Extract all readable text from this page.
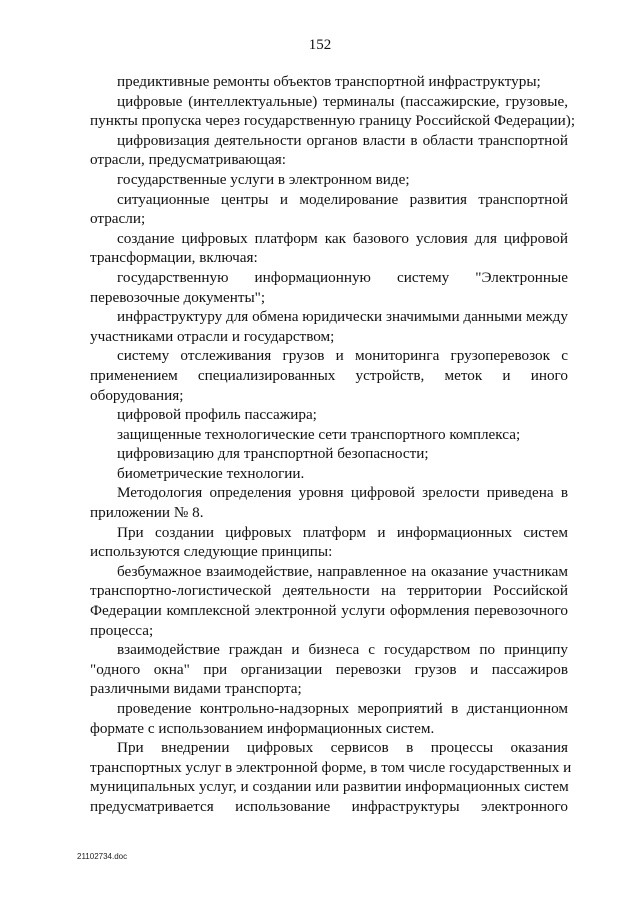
152
предиктивные ремонты объектов транспортной инфраструктуры;
цифровые (интеллектуальные) терминалы (пассажирские, грузовые,
пункты пропуска через государственную границу Российской Федерации);
цифровизация деятельности органов власти в области транспортной
отрасли, предусматривающая:
государственные услуги в электронном виде;
ситуационные центры и моделирование развития транспортной
отрасли;
создание цифровых платформ как базового условия для цифровой
трансформации, включая:
государственную информационную систему "Электронные
перевозочные документы";
инфраструктуру для обмена юридически значимыми данными между
участниками отрасли и государством;
систему отслеживания грузов и мониторинга грузоперевозок с
применением специализированных устройств, меток и иного
оборудования;
цифровой профиль пассажира;
защищенные технологические сети транспортного комплекса;
цифровизацию для транспортной безопасности;
биометрические технологии.
Методология определения уровня цифровой зрелости приведена в
приложении № 8.
При создании цифровых платформ и информационных систем
используются следующие принципы:
безбумажное взаимодействие, направленное на оказание участникам
транспортно-логистической деятельности на территории Российской
Федерации комплексной электронной услуги оформления перевозочного
процесса;
взаимодействие граждан и бизнеса с государством по принципу
"одного окна" при организации перевозки грузов и пассажиров
различными видами транспорта;
проведение контрольно-надзорных мероприятий в дистанционном
формате с использованием информационных систем.
При внедрении цифровых сервисов в процессы оказания
транспортных услуг в электронной форме, в том числе государственных и
муниципальных услуг, и создании или развитии информационных систем
предусматривается использование инфраструктуры электронного
21102734.doc
